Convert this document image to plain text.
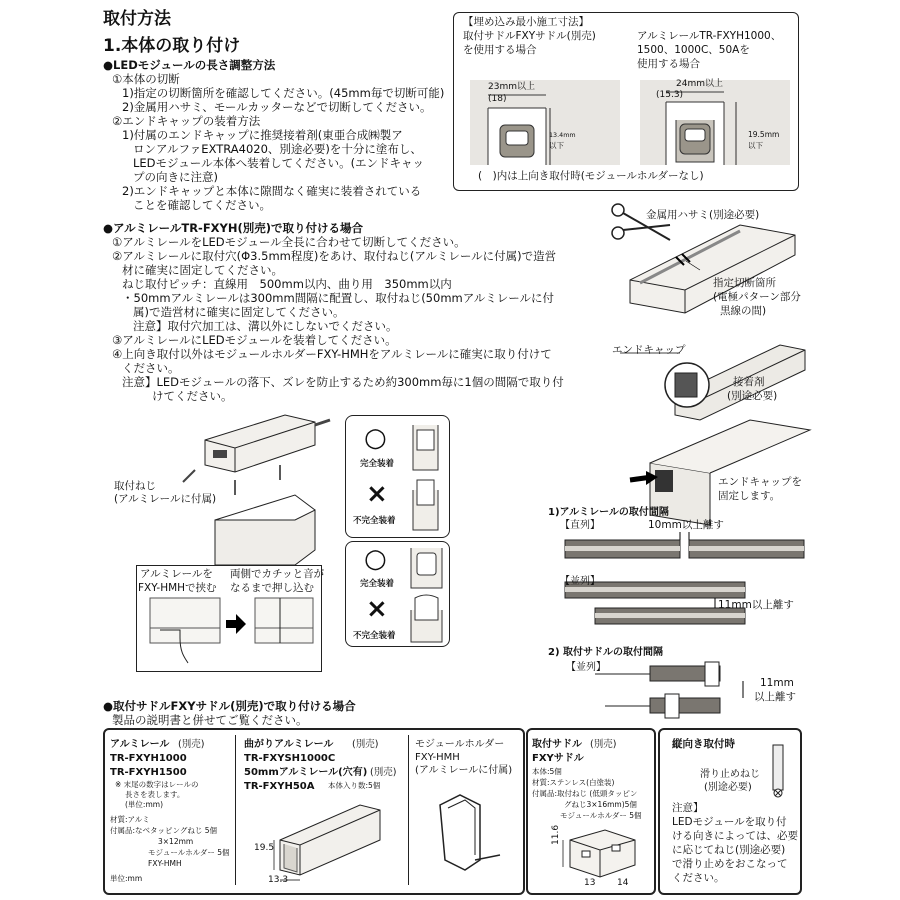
取付方法
1.本体の取り付け
●LEDモジュールの長さ調整方法
①本体の切断
1)指定の切断箇所を確認してください。(45mm毎で切断可能)
2)金属用ハサミ、モールカッターなどで切断してください。
②エンドキャップの装着方法
1)付属のエンドキャップに推奨接着剤(東亜合成㈱製ア
ロンアルファEXTRA4020、別途必要)を十分に塗布し、
LEDモジュール本体へ装着してください。(エンドキャッ
プの向きに注意)
2)エンドキャップと本体に隙間なく確実に装着されている
ことを確認してください。
【埋め込み最小施工寸法】
取付サドルFXYサドル(別売)
を使用する場合
アルミレールTR-FXYH1000、
1500、1000C、50Aを
使用する場合
23mm以上
(18)
13.4mm
以下
24mm以上
(15.3)
19.5mm
以下
(　)内は上向き取付時(モジュールホルダーなし)
金属用ハサミ(別途必要)
指定切断箇所
(電極パターン部分
黒線の間)
エンドキャップ
接着剤
(別途必要)
エンドキャップを
固定します。
●アルミレールTR-FXYH(別売)で取り付ける場合
①アルミレールをLEDモジュール全長に合わせて切断してください。
②アルミレールに取付穴(Φ3.5mm程度)をあけ、取付ねじ(アルミレールに付属)で造営
材に確実に固定してください。
ねじ取付ピッチ：直線用　500mm以内、曲り用　350mm以内
・50mmアルミレールは300mm間隔に配置し、取付ねじ(50mmアルミレールに付
属)で造営材に確実に固定してください。
注意】取付穴加工は、溝以外にしないでください。
③アルミレールにLEDモジュールを装着してください。
④上向き取付以外はモジュールホルダーFXY-HMHをアルミレールに確実に取り付けて
ください。
注意】LEDモジュールの落下、ズレを防止するため約300mm毎に1個の間隔で取り付
けてください。
取付ねじ
(アルミレールに付属)
アルミレールを
FXY-HMHで挟む
両側でカチッと音が
なるまで押し込む
○
完全装着
×
不完全装着
○
完全装着
×
不完全装着
1)アルミレールの取付間隔
【直列】	10mm以上離す
【並列】
11mm以上離す
2) 取付サドルの取付間隔
【並列】
11mm
以上離す
●取付サドルFXYサドル(別売)で取り付ける場合
製品の説明書と併せてご覧ください。
アルミレール (別売)
TR-FXYH1000
TR-FXYH1500
※ 末尾の数字はレールの
長さを表します。
(単位:mm)
材質:アルミ
付属品:なべタッピングねじ 5個
3×12mm
モジュールホルダー 5個
FXY-HMH
単位:mm
曲がりアルミレール (別売)
TR-FXYSH1000C
50mmアルミレール(穴有) (別売)
TR-FXYH50A 本体入り数:5個
19.5
13.3
モジュールホルダー
FXY-HMH
(アルミレールに付属)
取付サドル (別売)
FXYサドル
本体:5個
材質:ステンレス(白塗装)
付属品:取付ねじ (低頭タッピン
グねじ3×16mm)5個
モジュールホルダー 5個
11.6
13 14
縦向き取付時
滑り止めねじ
(別途必要)
注意】
LEDモジュールを取り付
ける向きによっては、必要
に応じてねじ(別途必要)
で滑り止めをおこなって
ください。
